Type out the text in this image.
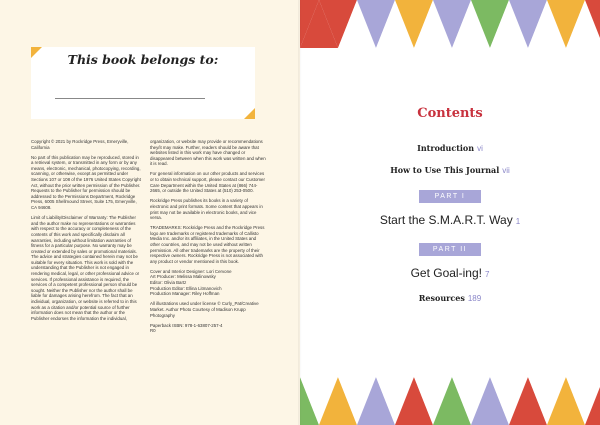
This book belongs to:

Copyright © 2021 by Rockridge Press, Emeryville, California

No part of this publication may be reproduced, stored in a retrieval system, or transmitted in any form or by any means, electronic, mechanical, photocopying, recording, scanning, or otherwise, except as permitted under Sections 107 or 108 of the 1976 United States Copyright Act, without the prior written permission of the Publisher. Requests to the Publisher for permission should be addressed to the Permissions Department, Rockridge Press, 6005 Shellmound Street, Suite 175, Emeryville, CA 94608.

Limit of Liability/Disclaimer of Warranty: The Publisher and the author make no representations or warranties with respect to the accuracy or completeness of the contents of this work and specifically disclaim all warranties, including without limitation warranties of fitness for a particular purpose. No warranty may be created or extended by sales or promotional materials. The advice and strategies contained herein may not be suitable for every situation. This work is sold with the understanding that the Publisher is not engaged in rendering medical, legal, or other professional advice or services. If professional assistance is required, the services of a competent professional person should be sought. Neither the Publisher nor the author shall be liable for damages arising herefrom. The fact that an individual, organization, or website is referred to in this work as a citation and/or potential source of further information does not mean that the author or the Publisher endorses the information the individual,

organization, or website may provide or recommendations they/it may make. Further, readers should be aware that websites listed in this work may have changed or disappeared between when this work was written and when it is read.

For general information on our other products and services or to obtain technical support, please contact our Customer Care Department within the United States at (866) 744-2665, or outside the United States at (510) 253-0500.

Rockridge Press publishes its books in a variety of electronic and print formats. Some content that appears in print may not be available in electronic books, and vice versa.

TRADEMARKS: Rockridge Press and the Rockridge Press logo are trademarks or registered trademarks of Callisto Media Inc. and/or its affiliates, in the United States and other countries, and may not be used without written permission. All other trademarks are the property of their respective owners. Rockridge Press is not associated with any product or vendor mentioned in this book.

Cover and Interior Designer: Lori Cervone
Art Producer: Melissa Malinowsky
Editor: Olivia Bartz
Production Editor: Ellina Litmanovich
Production Manager: Riley Hoffman

All illustrations used under license © Curly_Pat/Creative Market. Author Photo Courtesy of Madison Krupp Photography

Paperback ISBN: 978-1-63807-257-4
R0

Contents
Introduction vi
How to Use This Journal vii
PART I
Start the S.M.A.R.T. Way 1
PART II
Get Goal-ing! 7
Resources 189
